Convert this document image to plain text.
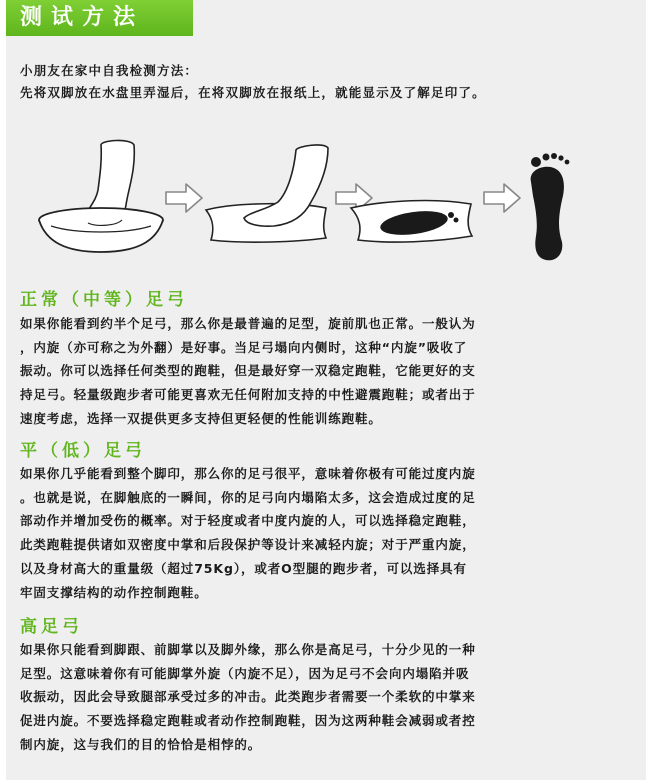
测试方法
小朋友在家中自我检测方法：
先将双脚放在水盘里弄湿后，在将双脚放在报纸上，就能显示及了解足印了。
正常（中等）足弓
如果你能看到约半个足弓，那么你是最普遍的足型，旋前肌也正常。一般认为
，内旋（亦可称之为外翻）是好事。当足弓塌向内侧时，这种“内旋”吸收了
振动。你可以选择任何类型的跑鞋，但是最好穿一双稳定跑鞋，它能更好的支
持足弓。轻量级跑步者可能更喜欢无任何附加支持的中性避震跑鞋；或者出于
速度考虑，选择一双提供更多支持但更轻便的性能训练跑鞋。
平（低）足弓
如果你几乎能看到整个脚印，那么你的足弓很平，意味着你极有可能过度内旋
。也就是说，在脚触底的一瞬间，你的足弓向内塌陷太多，这会造成过度的足
部动作并增加受伤的概率。对于轻度或者中度内旋的人，可以选择稳定跑鞋，
此类跑鞋提供诸如双密度中掌和后段保护等设计来减轻内旋；对于严重内旋，
以及身材高大的重量级（超过75Kg），或者O型腿的跑步者，可以选择具有
牢固支撑结构的动作控制跑鞋。
高足弓
如果你只能看到脚跟、前脚掌以及脚外缘，那么你是高足弓，十分少见的一种
足型。这意味着你有可能脚掌外旋（内旋不足），因为足弓不会向内塌陷并吸
收振动，因此会导致腿部承受过多的冲击。此类跑步者需要一个柔软的中掌来
促进内旋。不要选择稳定跑鞋或者动作控制跑鞋，因为这两种鞋会减弱或者控
制内旋，这与我们的目的恰恰是相悖的。
